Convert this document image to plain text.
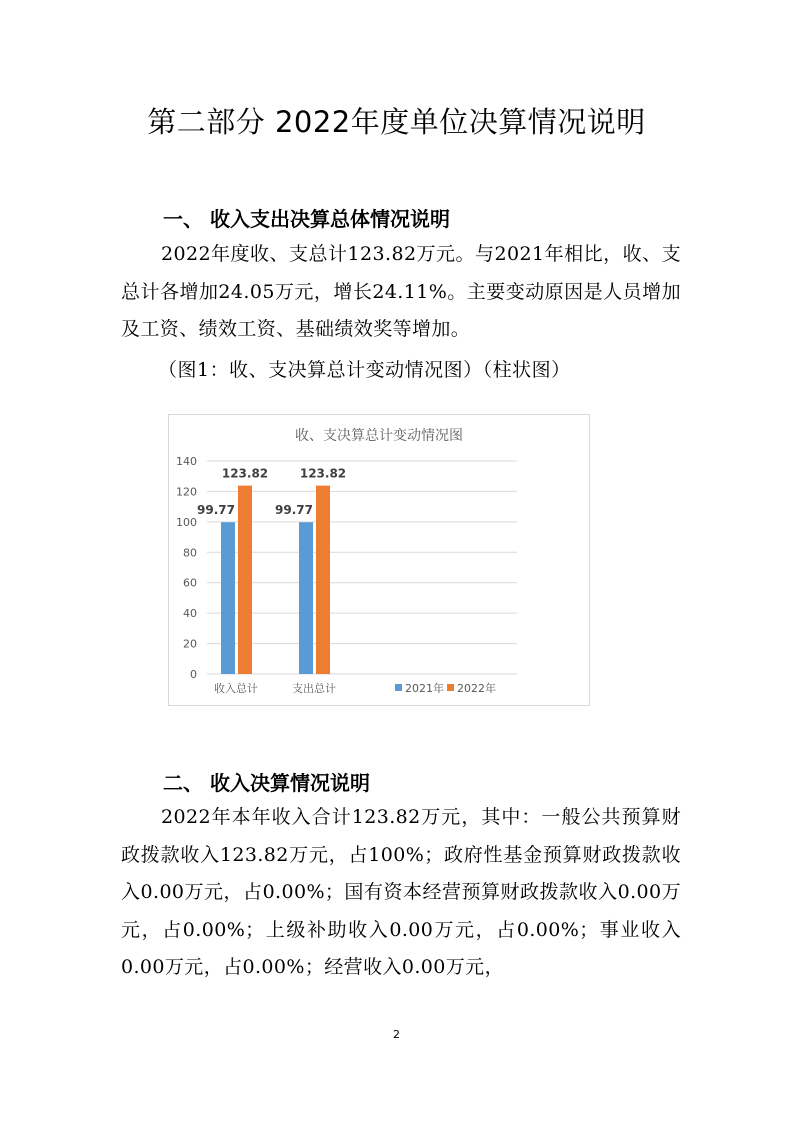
第二部分 2022年度单位决算情况说明
一、 收入支出决算总体情况说明
2022年度收、支总计123.82万元。与2021年相比，收、支总计各增加24.05万元，增长24.11%。主要变动原因是人员增加及工资、绩效工资、基础绩效奖等增加。
（图1：收、支决算总计变动情况图）（柱状图）
收、支决算总计变动情况图
0
20
40
60
80
100
120
140
99.77
123.82
收入总计
99.77
123.82
支出总计	2021年 2022年
二、 收入决算情况说明
2022年本年收入合计123.82万元，其中：一般公共预算财政拨款收入123.82万元，占100%；政府性基金预算财政拨款收入0.00万元，占0.00%；国有资本经营预算财政拨款收入0.00万元，占0.00%；上级补助收入0.00万元，占0.00%；事业收入0.00万元，占0.00%；经营收入0.00万元，
2
